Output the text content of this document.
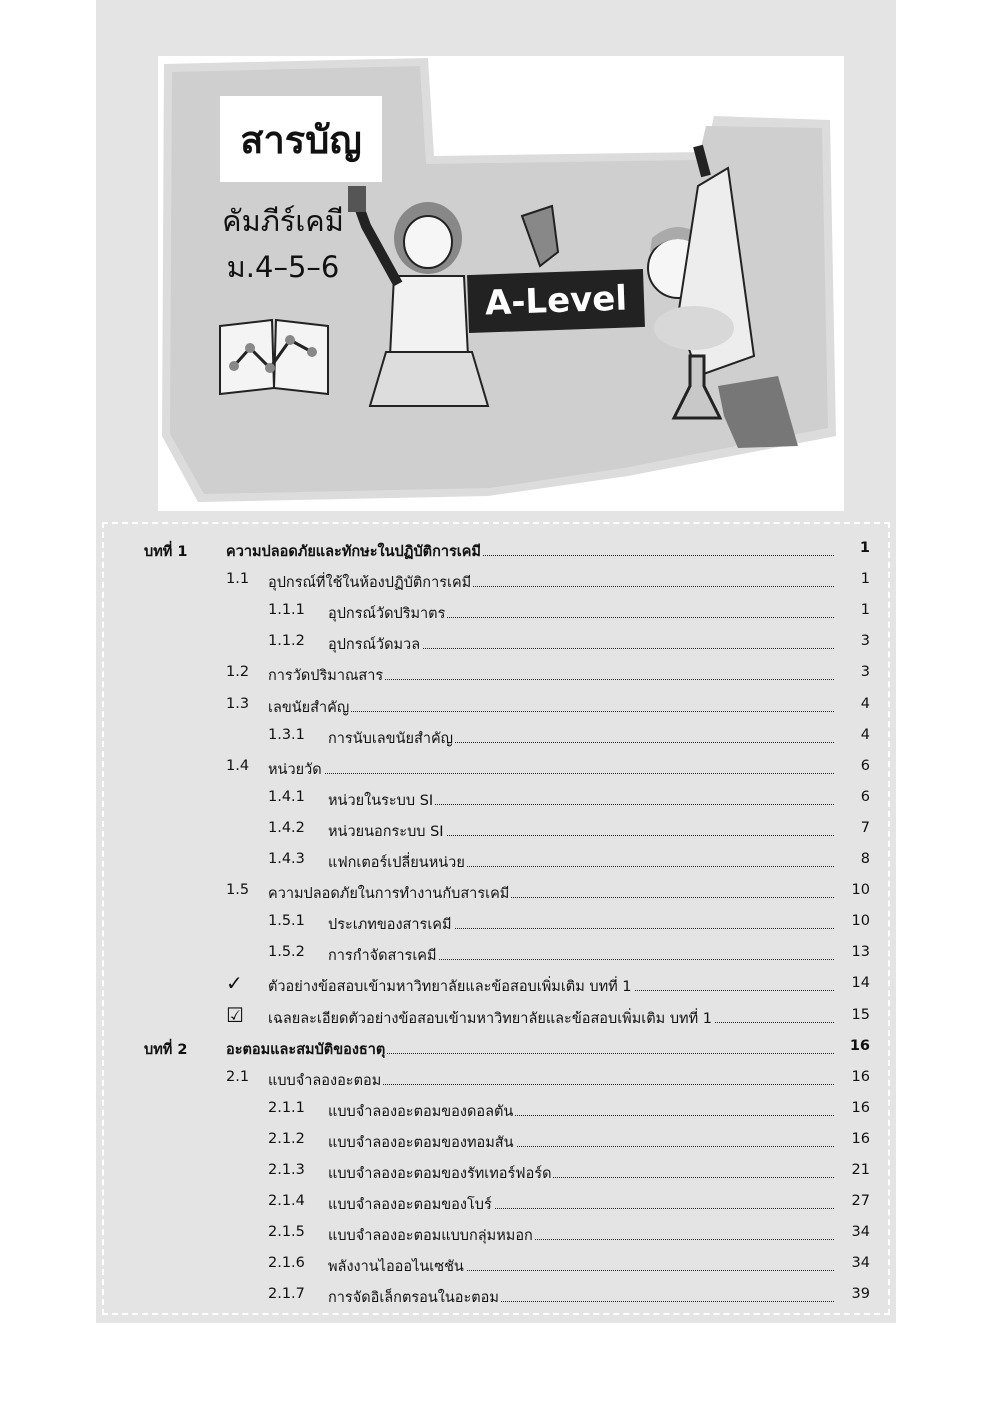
สารบัญ
คัมภีร์เคมี
ม.4–5–6
A-Level
บทที่ 1	ความปลอดภัยและทักษะในปฏิบัติการเคมี	1
1.1 อุปกรณ์ที่ใช้ในห้องปฏิบัติการเคมี	1
1.1.1 อุปกรณ์วัดปริมาตร	1
1.1.2 อุปกรณ์วัดมวล	3
1.2 การวัดปริมาณสาร	3
1.3 เลขนัยสำคัญ	4
1.3.1 การนับเลขนัยสำคัญ	4
1.4 หน่วยวัด	6
1.4.1 หน่วยในระบบ SI	6
1.4.2 หน่วยนอกระบบ SI	7
1.4.3 แฟกเตอร์เปลี่ยนหน่วย	8
1.5 ความปลอดภัยในการทำงานกับสารเคมี	10
1.5.1 ประเภทของสารเคมี	10
1.5.2 การกำจัดสารเคมี	13
✓ ตัวอย่างข้อสอบเข้ามหาวิทยาลัยและข้อสอบเพิ่มเติม บทที่ 1	14
☑ เฉลยละเอียดตัวอย่างข้อสอบเข้ามหาวิทยาลัยและข้อสอบเพิ่มเติม บทที่ 1	15
บทที่ 2	อะตอมและสมบัติของธาตุ	16
2.1 แบบจำลองอะตอม	16
2.1.1 แบบจำลองอะตอมของดอลตัน	16
2.1.2 แบบจำลองอะตอมของทอมสัน	16
2.1.3 แบบจำลองอะตอมของรัทเทอร์ฟอร์ด	21
2.1.4 แบบจำลองอะตอมของโบร์	27
2.1.5 แบบจำลองอะตอมแบบกลุ่มหมอก	34
2.1.6 พลังงานไอออไนเซชัน	34
2.1.7 การจัดอิเล็กตรอนในอะตอม	39
